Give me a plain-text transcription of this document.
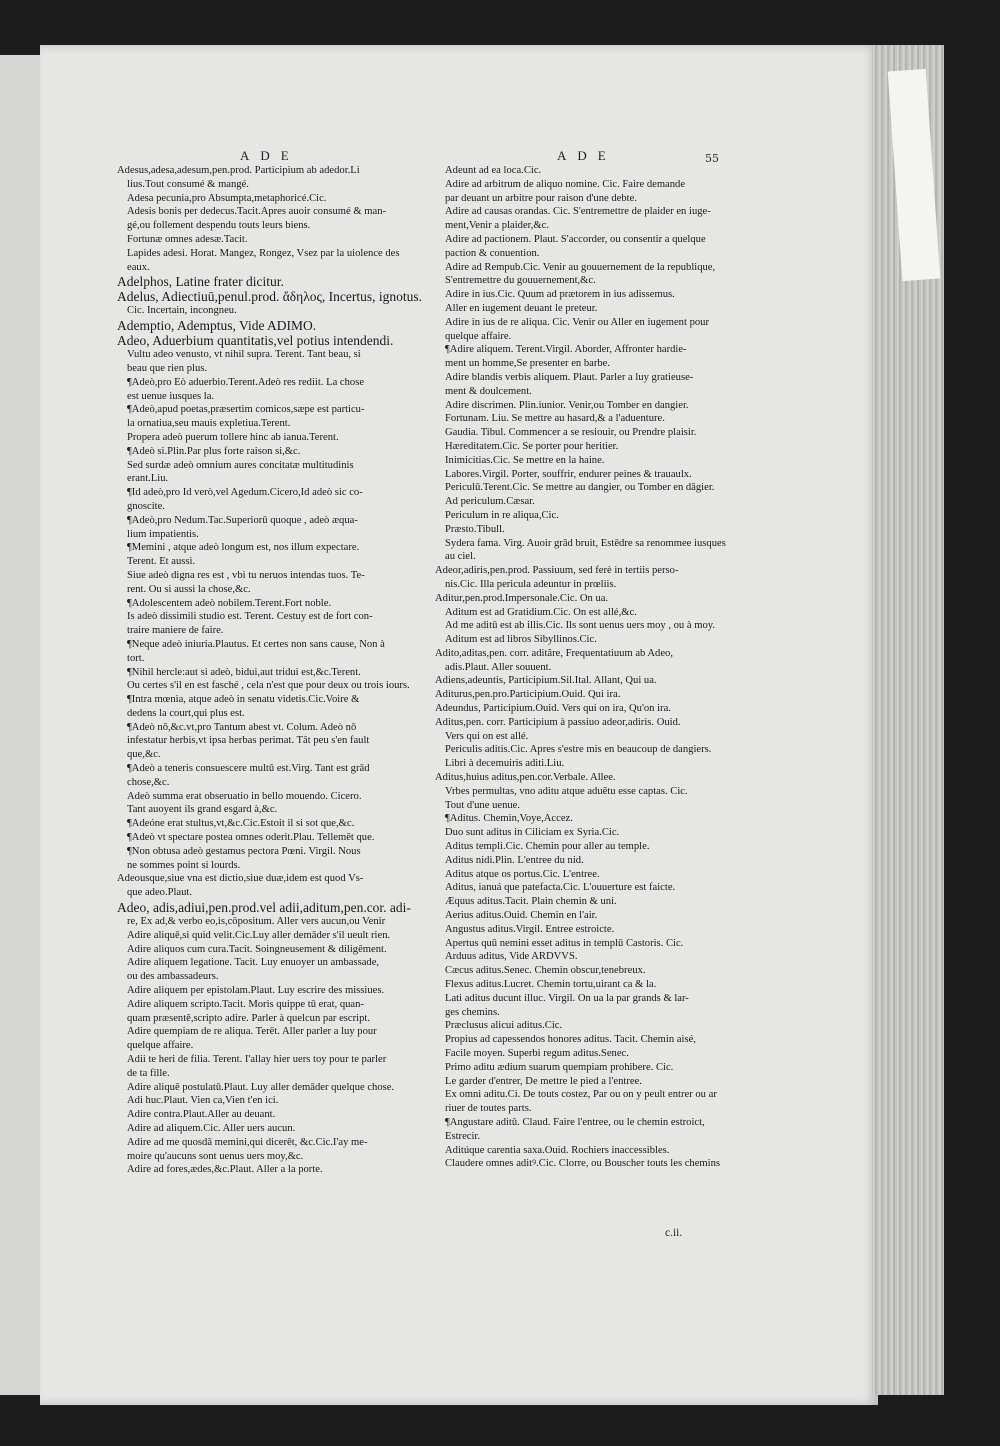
ADE	ADE	55

Adesus,adesa,adesum,pen.prod. Participium ab adedor.Li

lius.Tout consumé & mangé.

Adesa pecunia,pro Absumpta,metaphoricé.Cic.

Adesis bonis per dedecus.Tacit.Apres auoir consumé & man-

gé,ou follement despendu touts leurs biens.

Fortunæ omnes adesæ.Tacit.

Lapides adesi. Horat. Mangez, Rongez, Vsez par la uiolence des

eaux.

Adelphos, Latine frater dicitur.

Adelus, Adiectiuū,penul.prod. ἄδηλος, Incertus, ignotus.

Cic. Incertain, incongneu.

Ademptio, Ademptus, Vide ADIMO.

Adeo, Aduerbium quantitatis,vel potius intendendi.

Vultu adeo venusto, vt nihil supra. Terent. Tant beau, si

beau que rien plus.

¶Adeò,pro Eò aduerbio.Terent.Adeò res rediit. La chose

est uenue iusques la.

¶Adeò,apud poetas,præsertim comicos,sæpe est particu-

la ornatiua,seu mauis expletiua.Terent.

Propera adeò puerum tollere hinc ab ianua.Terent.

¶Adeò si.Plin.Par plus forte raison si,&c.

Sed surdæ adeò omnium aures concitatæ multitudinis

erant.Liu.

¶Id adeò,pro Id verò,vel Agedum.Cicero,Id adeò sic co-

gnoscite.

¶Adeò,pro Nedum.Tac.Superiorū quoque , adeò æqua-

lium impatientis.

¶Memini , atque adeò longum est, nos illum expectare.

Terent. Et aussi.

Siue adeò digna res est , vbi tu neruos intendas tuos. Te-

rent. Ou si aussi la chose,&c.

¶Adolescentem adeò nobilem.Terent.Fort noble.

Is adeò dissimili studio est. Terent. Cestuy est de fort con-

traire maniere de faire.

¶Neque adeò iniuria.Plautus. Et certes non sans cause, Non à

tort.

¶Nihil hercle:aut si adeò, bidui,aut tridui est,&c.Terent.

Ou certes s'il en est fasché , cela n'est que pour deux ou trois iours.

¶Intra mœnia, atque adeò in senatu videtis.Cic.Voire &

dedens la court,qui plus est.

¶Adeò nō,&c.vt,pro Tantum abest vt. Colum. Adeò nō

infestatur herbis,vt ipsa herbas perimat. Tāt peu s'en fault

que,&c.

¶Adeò a teneris consuescere multū est.Virg. Tant est grād

chose,&c.

Adeò summa erat obseruatio in bello mouendo. Cicero.

Tant auoyent ils grand esgard à,&c.

¶Adeóne erat stultus,vt,&c.Cic.Estoit il si sot que,&c.

¶Adeò vt spectare postea omnes oderit.Plau. Tellemēt que.

¶Non obtusa adeò gestamus pectora Pœni. Virgil. Nous

ne sommes point si lourds.

Adeousque,siue vna est dictio,siue duæ,idem est quod Vs-

que adeo.Plaut.

Adeo, adis,adiui,pen.prod.vel adii,aditum,pen.cor. adi-

re, Ex ad,& verbo eo,is,cōpositum. Aller vers aucun,ou Venir

Adire aliquē,si quid velit.Cic.Luy aller demāder s'il ueult rien.

Adire aliquos cum cura.Tacit. Soingneusement & diligēment.

Adire aliquem legatione. Tacit. Luy enuoyer un ambassade,

ou des ambassadeurs.

Adire aliquem per epistolam.Plaut. Luy escrire des missiues.

Adire aliquem scripto.Tacit. Moris quippe tū erat, quan-

quam præsentē,scripto adire. Parler à quelcun par escript.

Adire quempiam de re aliqua. Terēt. Aller parler a luy pour

quelque affaire.

Adii te heri de filia. Terent. I'allay hier uers toy pour te parler

de ta fille.

Adire aliquē postulatū.Plaut. Luy aller demāder quelque chose.

Adi huc.Plaut. Vien ca,Vien t'en ici.

Adire contra.Plaut.Aller au deuant.

Adire ad aliquem.Cic. Aller uers aucun.

Adire ad me quosdā memini,qui dicerēt, &c.Cic.I'ay me-

moire qu'aucuns sont uenus uers moy,&c.

Adire ad fores,ædes,&c.Plaut. Aller a la porte.

Adeunt ad ea loca.Cic.

Adire ad arbitrum de aliquo nomine. Cic. Faire demande

par deuant un arbitre pour raison d'une debte.

Adire ad causas orandas. Cic. S'entremettre de plaider en iuge-

ment,Venir a plaider,&c.

Adire ad pactionem. Plaut. S'accorder, ou consentir a quelque

paction & conuention.

Adire ad Rempub.Cic. Venir au gouuernement de la republique,

S'entremettre du gouuernement,&c.

Adire in ius.Cic. Quum ad prætorem in ius adissemus.

Aller en iugement deuant le preteur.

Adire in ius de re aliqua. Cic. Venir ou Aller en iugement pour

quelque affaire.

¶Adire aliquem. Terent.Virgil. Aborder, Affronter hardie-

ment un homme,Se presenter en barbe.

Adire blandis verbis aliquem. Plaut. Parler a luy gratieuse-

ment & doulcement.

Adire discrimen. Plin.iunior. Venir,ou Tomber en dangier.

Fortunam. Liu. Se mettre au hasard,& a l'aduenture.

Gaudia. Tibul. Commencer a se resiouir, ou Prendre plaisir.

Hæreditatem.Cic. Se porter pour heritier.

Inimicitias.Cic. Se mettre en la haine.

Labores.Virgil. Porter, souffrir, endurer peines & trauaulx.

Periculū.Terent.Cic. Se mettre au dangier, ou Tomber en dāgier.

Ad periculum.Cæsar.

Periculum in re aliqua,Cic.

Præsto.Tibull.

Sydera fama. Virg. Auoir grād bruit, Estēdre sa renommee iusques

au ciel.

Adeor,adiris,pen.prod. Passiuum, sed ferè in tertiis perso-

nis.Cic. Illa pericula adeuntur in prœliis.

Aditur,pen.prod.Impersonale.Cic. On ua.

Aditum est ad Gratidium.Cic. On est allé,&c.

Ad me aditū est ab illis.Cic. Ils sont uenus uers moy , ou à moy.

Aditum est ad libros Sibyllinos.Cic.

Adito,aditas,pen. corr. aditâre, Frequentatiuum ab Adeo,

adis.Plaut. Aller souuent.

Adiens,adeuntis, Participium.Sil.Ital. Allant, Qui ua.

Aditurus,pen.pro.Participium.Ouid. Qui ira.

Adeundus, Participium.Ouid. Vers qui on ira, Qu'on ira.

Aditus,pen. corr. Participium à passiuo adeor,adiris. Ouid.

Vers qui on est allé.

Periculis aditis.Cic. Apres s'estre mis en beaucoup de dangiers.

Libri à decemuiris aditi.Liu.

Aditus,huius aditus,pen.cor.Verbale. Allee.

Vrbes permultas, vno aditu atque aduētu esse captas. Cic.

Tout d'une uenue.

¶Aditus. Chemin,Voye,Accez.

Duo sunt aditus in Ciliciam ex Syria.Cic.

Aditus templi.Cic. Chemin pour aller au temple.

Aditus nidi.Plin. L'entree du nid.

Aditus atque os portus.Cic. L'entree.

Aditus, ianuá que patefacta.Cic. L'ouuerture est faicte.

Æquus aditus.Tacit. Plain chemin & uni.

Aerius aditus.Ouid. Chemin en l'air.

Angustus aditus.Virgil. Entree estroicte.

Apertus quū nemini esset aditus in templū Castoris. Cic.

Arduus aditus, Vide ARDVVS.

Cæcus aditus.Senec. Chemin obscur,tenebreux.

Flexus aditus.Lucret. Chemin tortu,uirant ca & la.

Lati aditus ducunt illuc. Virgil. On ua la par grands & lar-

ges chemins.

Præclusus alicui aditus.Cic.

Propius ad capessendos honores aditus. Tacit. Chemin aisé,

Facile moyen. Superbi regum aditus.Senec.

Primo aditu ædium suarum quempiam prohibere. Cic.

Le garder d'entrer, De mettre le pied a l'entree.

Ex omni aditu.Ci. De touts costez, Par ou on y peult entrer ou ar

riuer de toutes parts.

¶Angustare aditū. Claud. Faire l'entree, ou le chemin estroict,

Estrecir.

Aditúque carentia saxa.Ouid. Rochiers inaccessibles.

Claudere omnes aditꝰ.Cic. Clorre, ou Bouscher touts les chemins

c.ii.
